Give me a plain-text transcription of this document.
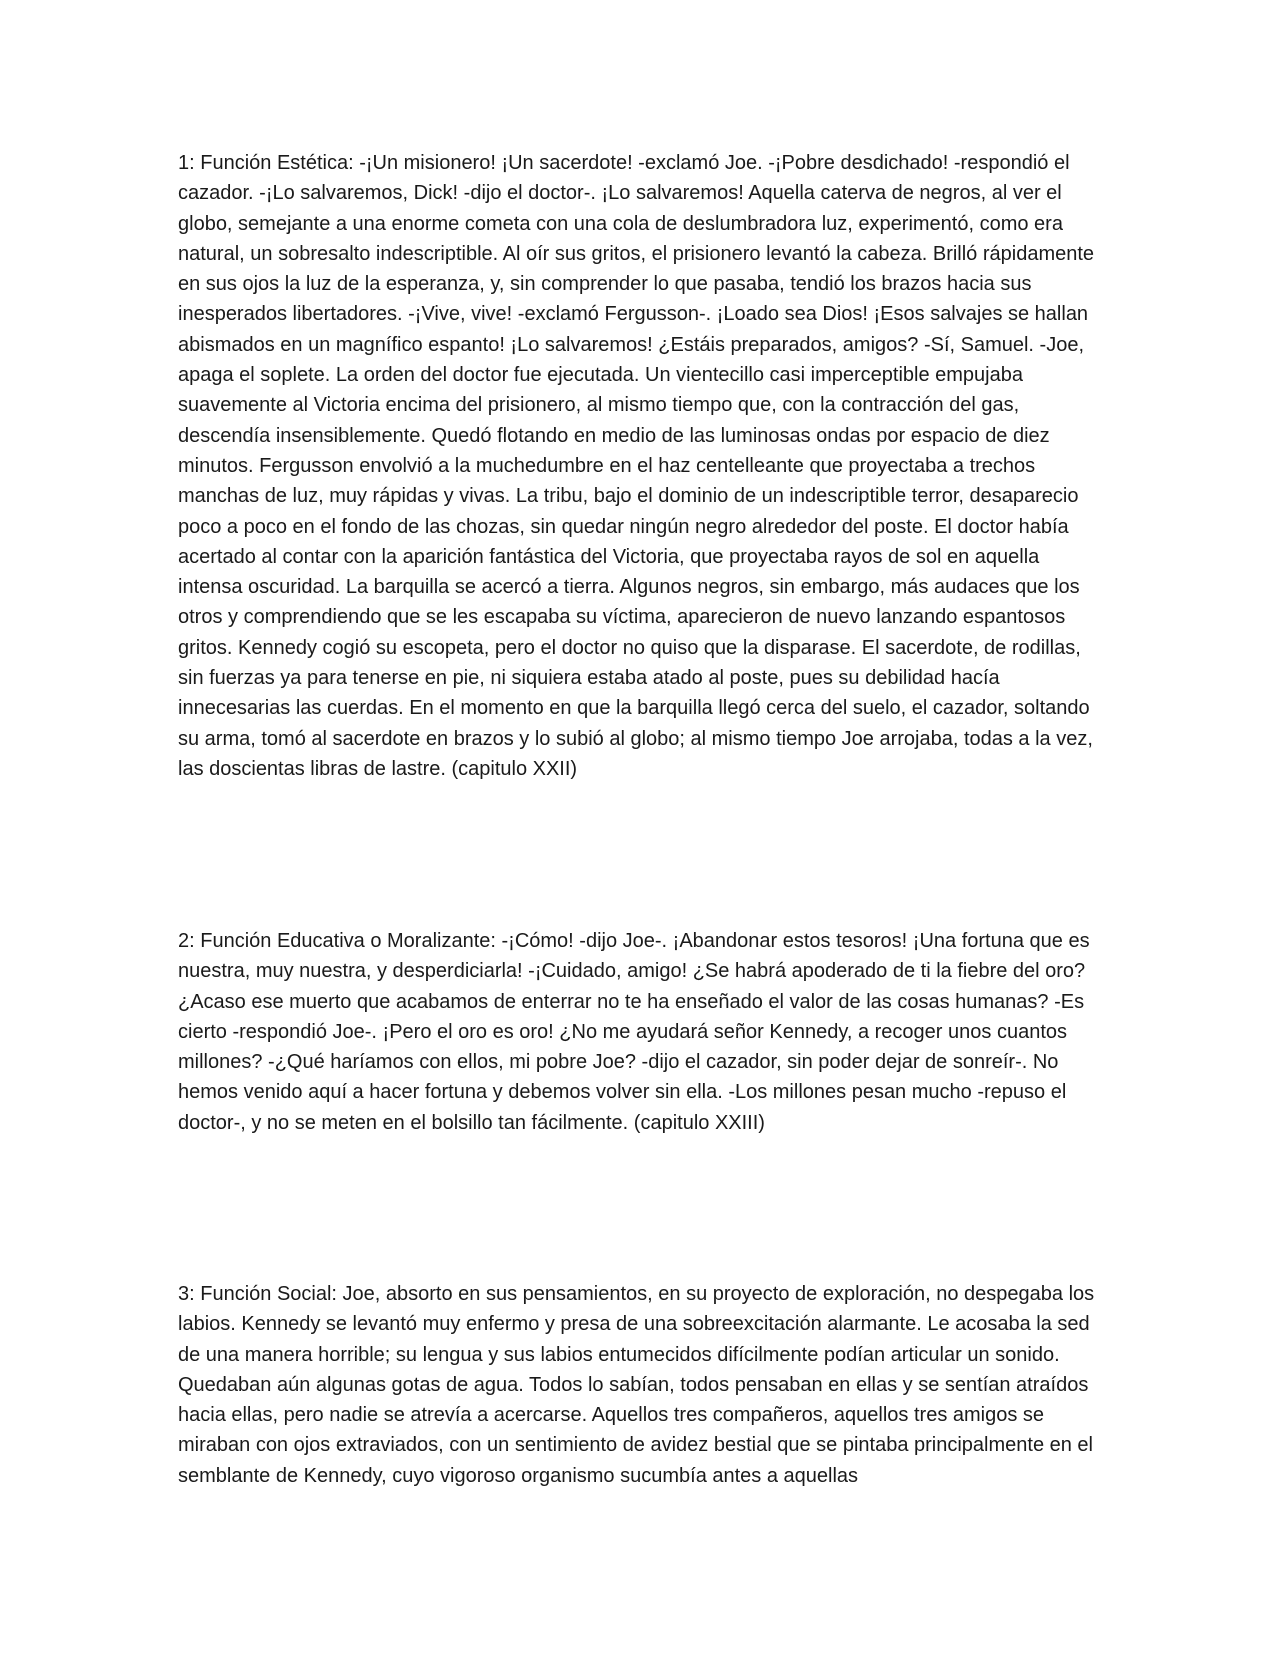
1: Función Estética: -¡Un misionero! ¡Un sacerdote! -exclamó Joe. -¡Pobre desdichado! -respondió el cazador. -¡Lo salvaremos, Dick! -dijo el doctor-. ¡Lo salvaremos! Aquella caterva de negros, al ver el globo, semejante a una enorme cometa con una cola de deslumbradora luz, experimentó, como era natural, un sobresalto indescriptible. Al oír sus gritos, el prisionero levantó la cabeza. Brilló rápidamente en sus ojos la luz de la esperanza, y, sin comprender lo que pasaba, tendió los brazos hacia sus inesperados libertadores. -¡Vive, vive! -exclamó Fergusson-. ¡Loado sea Dios! ¡Esos salvajes se hallan abismados en un magnífico espanto! ¡Lo salvaremos! ¿Estáis preparados, amigos? -Sí, Samuel. -Joe, apaga el soplete. La orden del doctor fue ejecutada. Un vientecillo casi imperceptible empujaba suavemente al Victoria encima del prisionero, al mismo tiempo que, con la contracción del gas, descendía insensiblemente. Quedó flotando en medio de las luminosas ondas por espacio de diez minutos. Fergusson envolvió a la muchedumbre en el haz centelleante que proyectaba a trechos manchas de luz, muy rápidas y vivas. La tribu, bajo el dominio de un indescriptible terror, desaparecio poco a poco en el fondo de las chozas, sin quedar ningún negro alrededor del poste. El doctor había acertado al contar con la aparición fantástica del Victoria, que proyectaba rayos de sol en aquella intensa oscuridad. La barquilla se acercó a tierra. Algunos negros, sin embargo, más audaces que los otros y comprendiendo que se les escapaba su víctima, aparecieron de nuevo lanzando espantosos gritos. Kennedy cogió su escopeta, pero el doctor no quiso que la disparase. El sacerdote, de rodillas, sin fuerzas ya para tenerse en pie, ni siquiera estaba atado al poste, pues su debilidad hacía innecesarias las cuerdas. En el momento en que la barquilla llegó cerca del suelo, el cazador, soltando su arma, tomó al sacerdote en brazos y lo subió al globo; al mismo tiempo Joe arrojaba, todas a la vez, las doscientas libras de lastre. (capitulo XXII)

2: Función Educativa o Moralizante: -¡Cómo! -dijo Joe-. ¡Abandonar estos tesoros! ¡Una fortuna que es nuestra, muy nuestra, y desperdiciarla! -¡Cuidado, amigo! ¿Se habrá apoderado de ti la fiebre del oro? ¿Acaso ese muerto que acabamos de enterrar no te ha enseñado el valor de las cosas humanas? -Es cierto -respondió Joe-. ¡Pero el oro es oro! ¿No me ayudará señor Kennedy, a recoger unos cuantos millones? -¿Qué haríamos con ellos, mi pobre Joe? -dijo el cazador, sin poder dejar de sonreír-. No hemos venido aquí a hacer fortuna y debemos volver sin ella. -Los millones pesan mucho -repuso el doctor-, y no se meten en el bolsillo tan fácilmente. (capitulo XXIII)

3: Función Social: Joe, absorto en sus pensamientos, en su proyecto de exploración, no despegaba los labios. Kennedy se levantó muy enfermo y presa de una sobreexcitación alarmante. Le acosaba la sed de una manera horrible; su lengua y sus labios entumecidos difícilmente podían articular un sonido. Quedaban aún algunas gotas de agua. Todos lo sabían, todos pensaban en ellas y se sentían atraídos hacia ellas, pero nadie se atrevía a acercarse. Aquellos tres compañeros, aquellos tres amigos se miraban con ojos extraviados, con un sentimiento de avidez bestial que se pintaba principalmente en el semblante de Kennedy, cuyo vigoroso organismo sucumbía antes a aquellas
